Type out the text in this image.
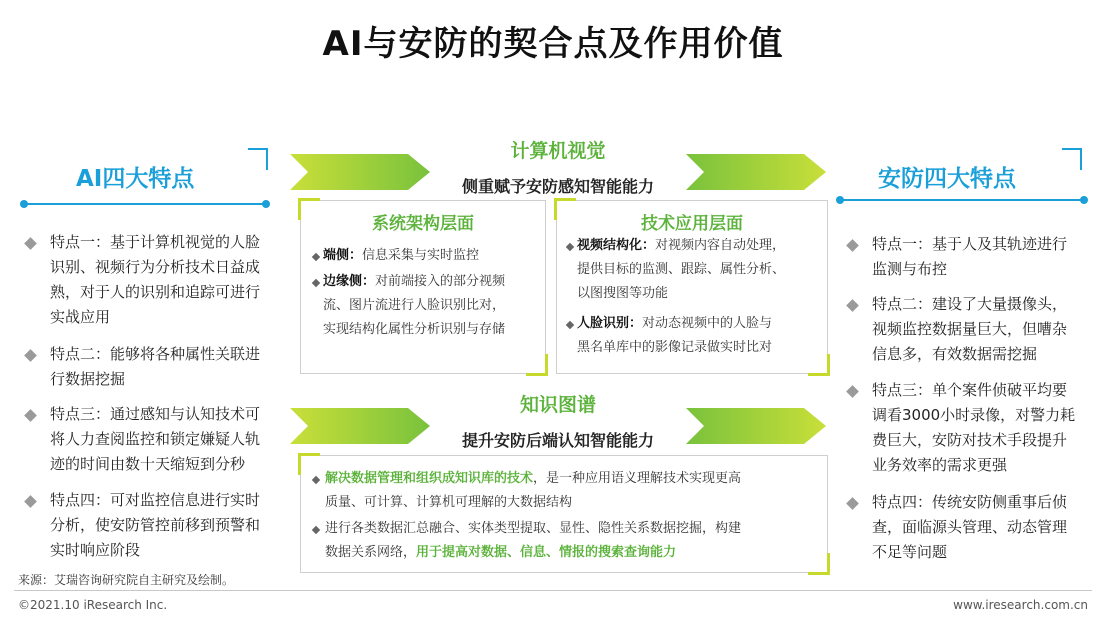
AI与安防的契合点及作用价值
AI四大特点
特点一：基于计算机视觉的人脸
识别、视频行为分析技术日益成
熟，对于人的识别和追踪可进行
实战应用
特点二：能够将各种属性关联进
行数据挖掘
特点三：通过感知与认知技术可
将人力查阅监控和锁定嫌疑人轨
迹的时间由数十天缩短到分秒
特点四：可对监控信息进行实时
分析，使安防管控前移到预警和
实时响应阶段
安防四大特点
特点一：基于人及其轨迹进行
监测与布控
特点二：建设了大量摄像头，
视频监控数据量巨大，但嘈杂
信息多，有效数据需挖掘
特点三：单个案件侦破平均要
调看3000小时录像，对警力耗
费巨大，安防对技术手段提升
业务效率的需求更强
特点四：传统安防侧重事后侦
查，面临源头管理、动态管理
不足等问题
计算机视觉
侧重赋予安防感知智能能力
系统架构层面
端侧：信息采集与实时监控
边缘侧：对前端接入的部分视频
流、图片流进行人脸识别比对，
实现结构化属性分析识别与存储
技术应用层面
视频结构化：对视频内容自动处理，
提供目标的监测、跟踪、属性分析、
以图搜图等功能
人脸识别：对动态视频中的人脸与
黑名单库中的影像记录做实时比对
知识图谱
提升安防后端认知智能能力
解决数据管理和组织成知识库的技术，是一种应用语义理解技术实现更高
质量、可计算、计算机可理解的大数据结构
进行各类数据汇总融合、实体类型提取、显性、隐性关系数据挖掘，构建
数据关系网络，用于提高对数据、信息、情报的搜索查询能力
来源：艾瑞咨询研究院自主研究及绘制。
©2021.10 iResearch Inc.	www.iresearch.com.cn
